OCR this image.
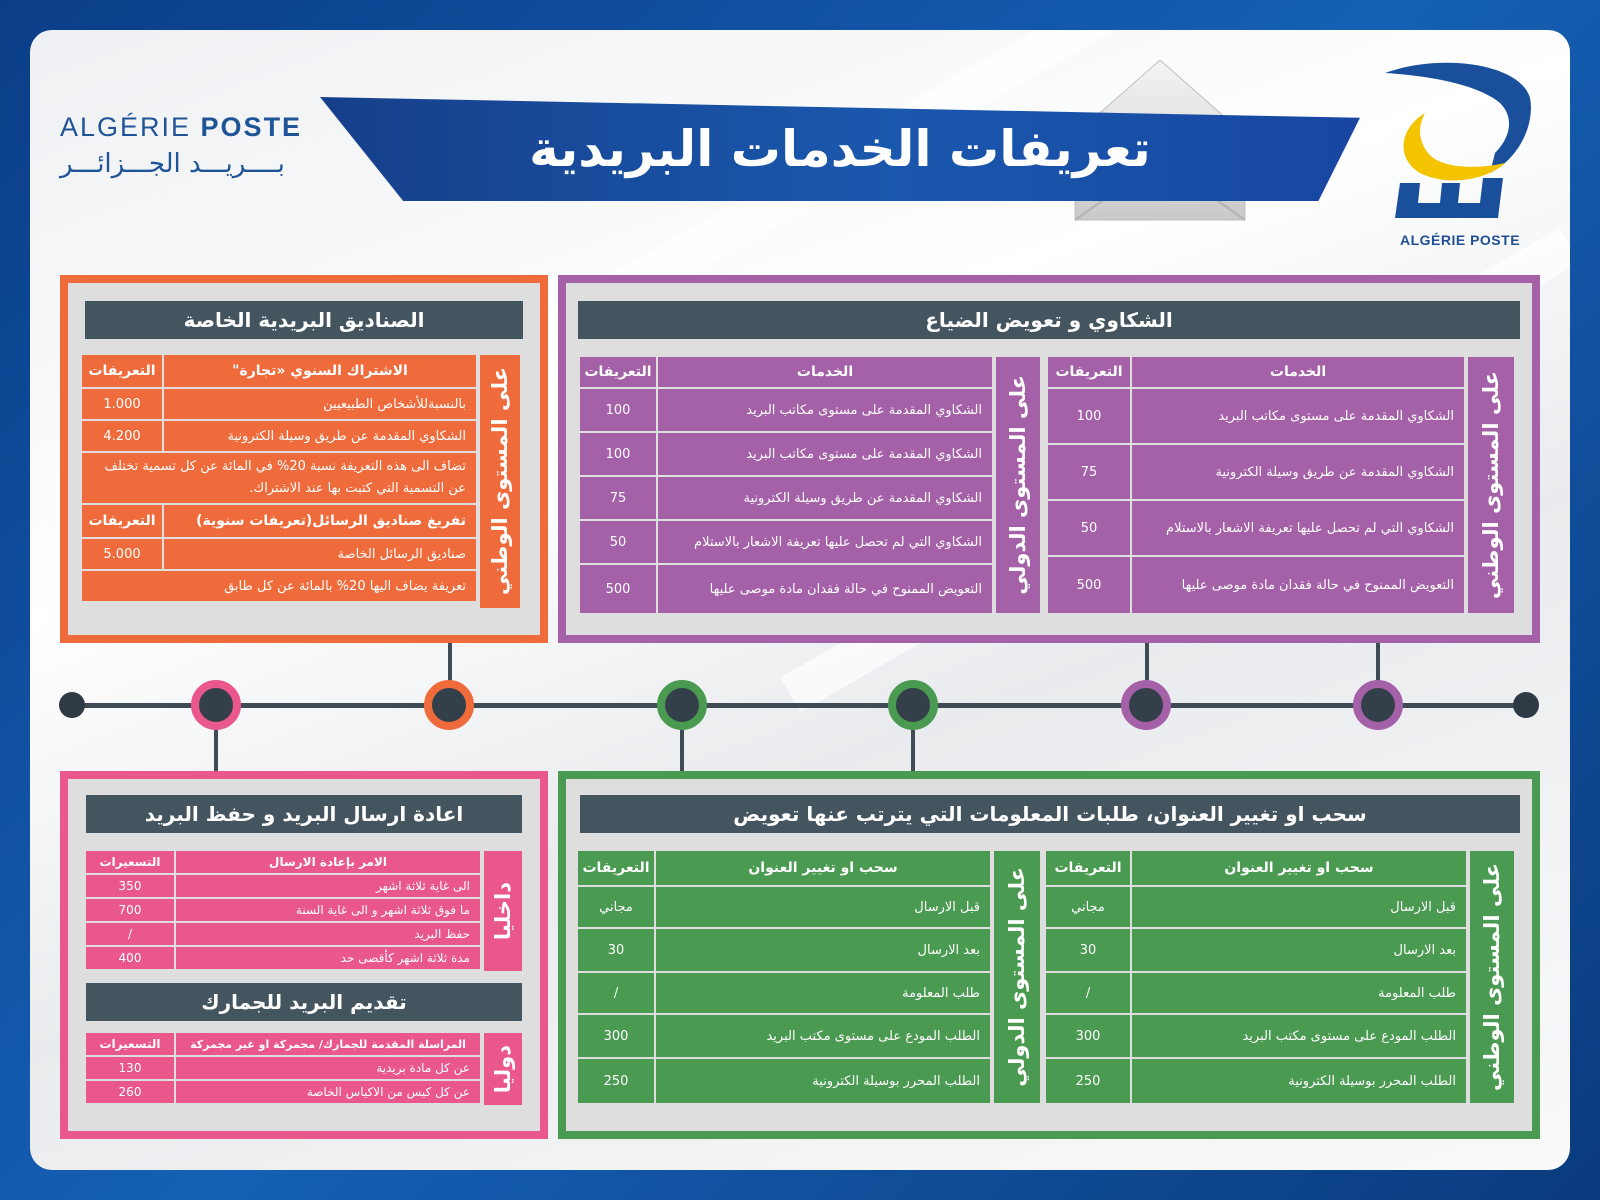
ALGÉRIE POSTE
بــــريـــد الجـــزائـــر	تعريفات الخدمات البريدية
ALGÉRIE POSTE
الصناديق البريدية الخاصة
على المستوى الوطني
التعريفات	الاشتراك السنوي «تجارة"
1.000	بالنسبةللأشخاص الطبيعيين
4.200	الشكاوي المقدمة عن طريق وسيلة الكترونية
تضاف الى هذه التعريفة نسبة 20% في المائة عن كل تسمية تختلف عن التسمية التي كتبت بها عند الاشتراك.
التعريفات	تفريغ صناديق الرسائل(تعريفات سنوية)
5.000	صناديق الرسائل الخاصة
تعريفة يضاف اليها 20% بالمائة عن كل طابق
الشكاوي و تعويض الضياع
على المستوى الوطني
التعريفات	الخدمات
100	الشكاوي المقدمة على مستوى مكاتب البريد
75	الشكاوي المقدمة عن طريق وسيلة الكترونية
50	الشكاوي التي لم تحصل عليها تعريفة الاشعار بالاستلام
500	التعويض الممنوح في حالة فقدان مادة موصى عليها
على المستوى الدولي
التعريفات	الخدمات
100	الشكاوي المقدمة على مستوى مكاتب البريد
100	الشكاوي المقدمة على مستوى مكاتب البريد
75	الشكاوي المقدمة عن طريق وسيلة الكترونية
50	الشكاوي التي لم تحصل عليها تعريفة الاشعار بالاستلام
500	التعويض الممنوح في حالة فقدان مادة موصى عليها
اعادة ارسال البريد و حفظ البريد
داخليا
التسعيرات	الامر بإعادة الارسال
350	الى غاية ثلاثة اشهر
700	ما فوق ثلاثة اشهر و الى غاية السنة
/	حفظ البريد
400	مدة ثلاثة اشهر كأقصى حد
تقديم البريد للجمارك
دوليا
التسعيرات	المراسلة المقدمة للجمارك/ مجمركة او غير مجمركة
130	عن كل مادة بريدية
260	عن كل كيس من الاكياس الخاصة
سحب او تغيير العنوان، طلبات المعلومات التي يترتب عنها تعويض
على المستوى الوطني
التعريفات	سحب او تغيير العنوان
مجاني	قبل الارسال
30	بعد الارسال
/	طلب المعلومة
300	الطلب المودع على مستوى مكتب البريد
250	الطلب المحرر بوسيلة الكترونية
على المستوى الدولي
التعريفات	سحب او تغيير العنوان
مجاني	قبل الارسال
30	بعد الارسال
/	طلب المعلومة
300	الطلب المودع على مستوى مكتب البريد
250	الطلب المحرر بوسيلة الكترونية
